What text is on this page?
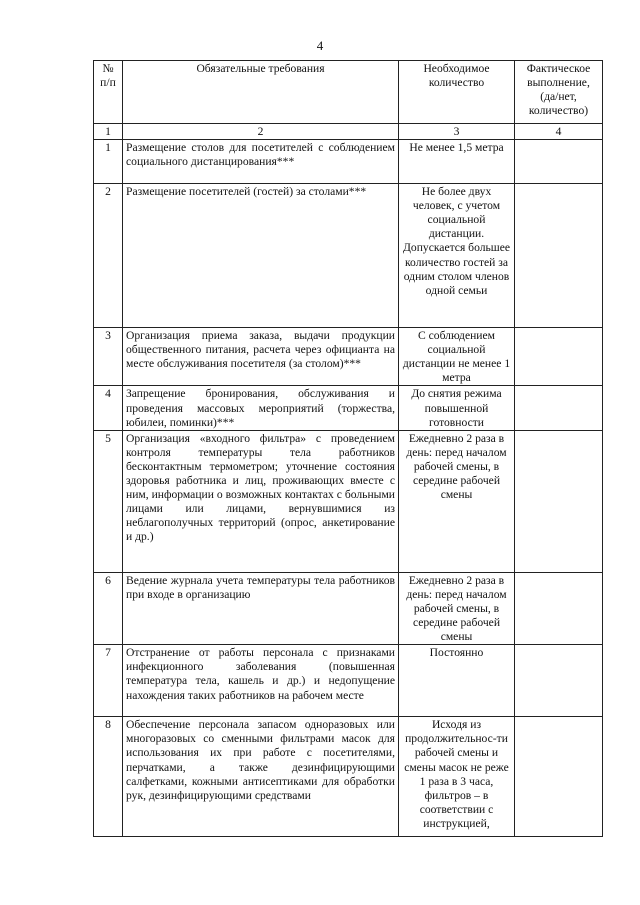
4
№ п/п	Обязательные требования	Необходимое количество	Фактическое выполнение, (да/нет, количество)
1	2	3	4
1	Размещение столов для посетителей с соблюдением социального дистанцирования***	Не менее 1,5 метра	
2	Размещение посетителей (гостей) за столами***	Не более двух человек, с учетом социальной дистанции. Допускается большее количество гостей за одним столом членов одной семьи	
3	Организация приема заказа, выдачи продукции общественного питания, расчета через официанта на месте обслуживания посетителя (за столом)***	С соблюдением социальной дистанции не менее 1 метра	
4	Запрещение бронирования, обслуживания и проведения массовых мероприятий (торжества, юбилеи, поминки)***	До снятия режима повышенной готовности	
5	Организация «входного фильтра» с проведением контроля температуры тела работников бесконтактным термометром; уточнение состояния здоровья работника и лиц, проживающих вместе с ним, информации о возможных контактах с больными лицами или лицами, вернувшимися из неблагополучных территорий (опрос, анкетирование и др.)	Ежедневно 2 раза в день: перед началом рабочей смены, в середине рабочей смены	
6	Ведение журнала учета температуры тела работников при входе в организацию	Ежедневно 2 раза в день: перед началом рабочей смены, в середине рабочей смены	
7	Отстранение от работы персонала с признаками инфекционного заболевания (повышенная температура тела, кашель и др.) и недопущение нахождения таких работников на рабочем месте	Постоянно	
8	Обеспечение персонала запасом одноразовых или многоразовых со сменными фильтрами масок для использования их при работе с посетителями, перчатками, а также дезинфицирующими салфетками, кожными антисептиками для обработки рук, дезинфицирующими средствами	Исходя из продолжительнос-ти рабочей смены и смены масок не реже 1 раза в 3 часа, фильтров – в соответствии с инструкцией,	
